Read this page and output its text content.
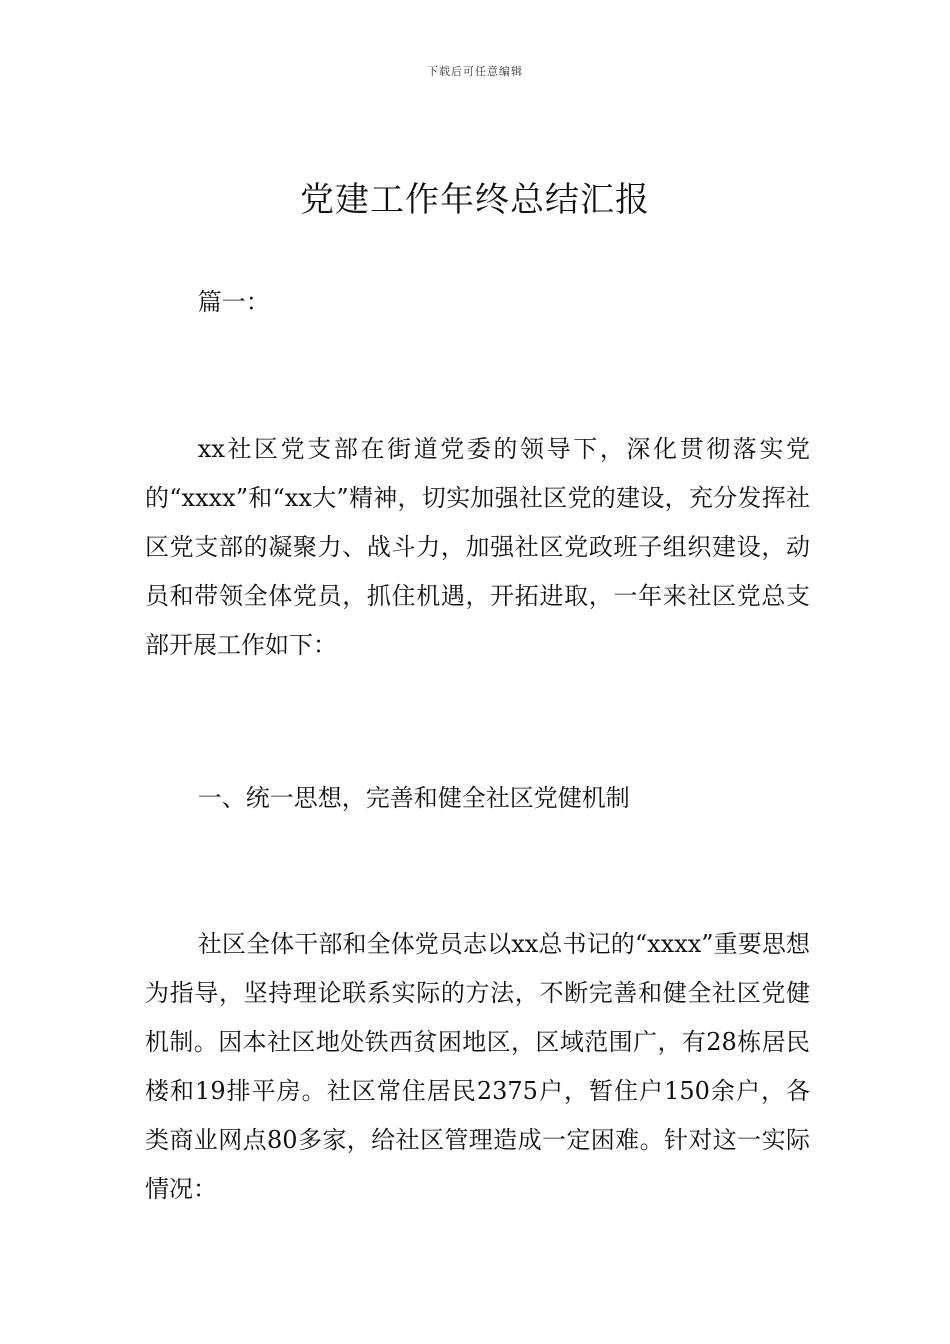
下载后可任意编辑
党建工作年终总结汇报

篇一：

xx社区党支部在街道党委的领导下，深化贯彻落实党的“xxxx”和“xx大”精神，切实加强社区党的建设，充分发挥社区党支部的凝聚力、战斗力，加强社区党政班子组织建设，动员和带领全体党员，抓住机遇，开拓进取，一年来社区党总支部开展工作如下：

一、统一思想，完善和健全社区党健机制

社区全体干部和全体党员志以xx总书记的“xxxx”重要思想为指导，坚持理论联系实际的方法，不断完善和健全社区党健机制。因本社区地处铁西贫困地区，区域范围广，有28栋居民楼和19排平房。社区常住居民2375户，暂住户150余户，各类商业网点80多家，给社区管理造成一定困难。针对这一实际情况：
